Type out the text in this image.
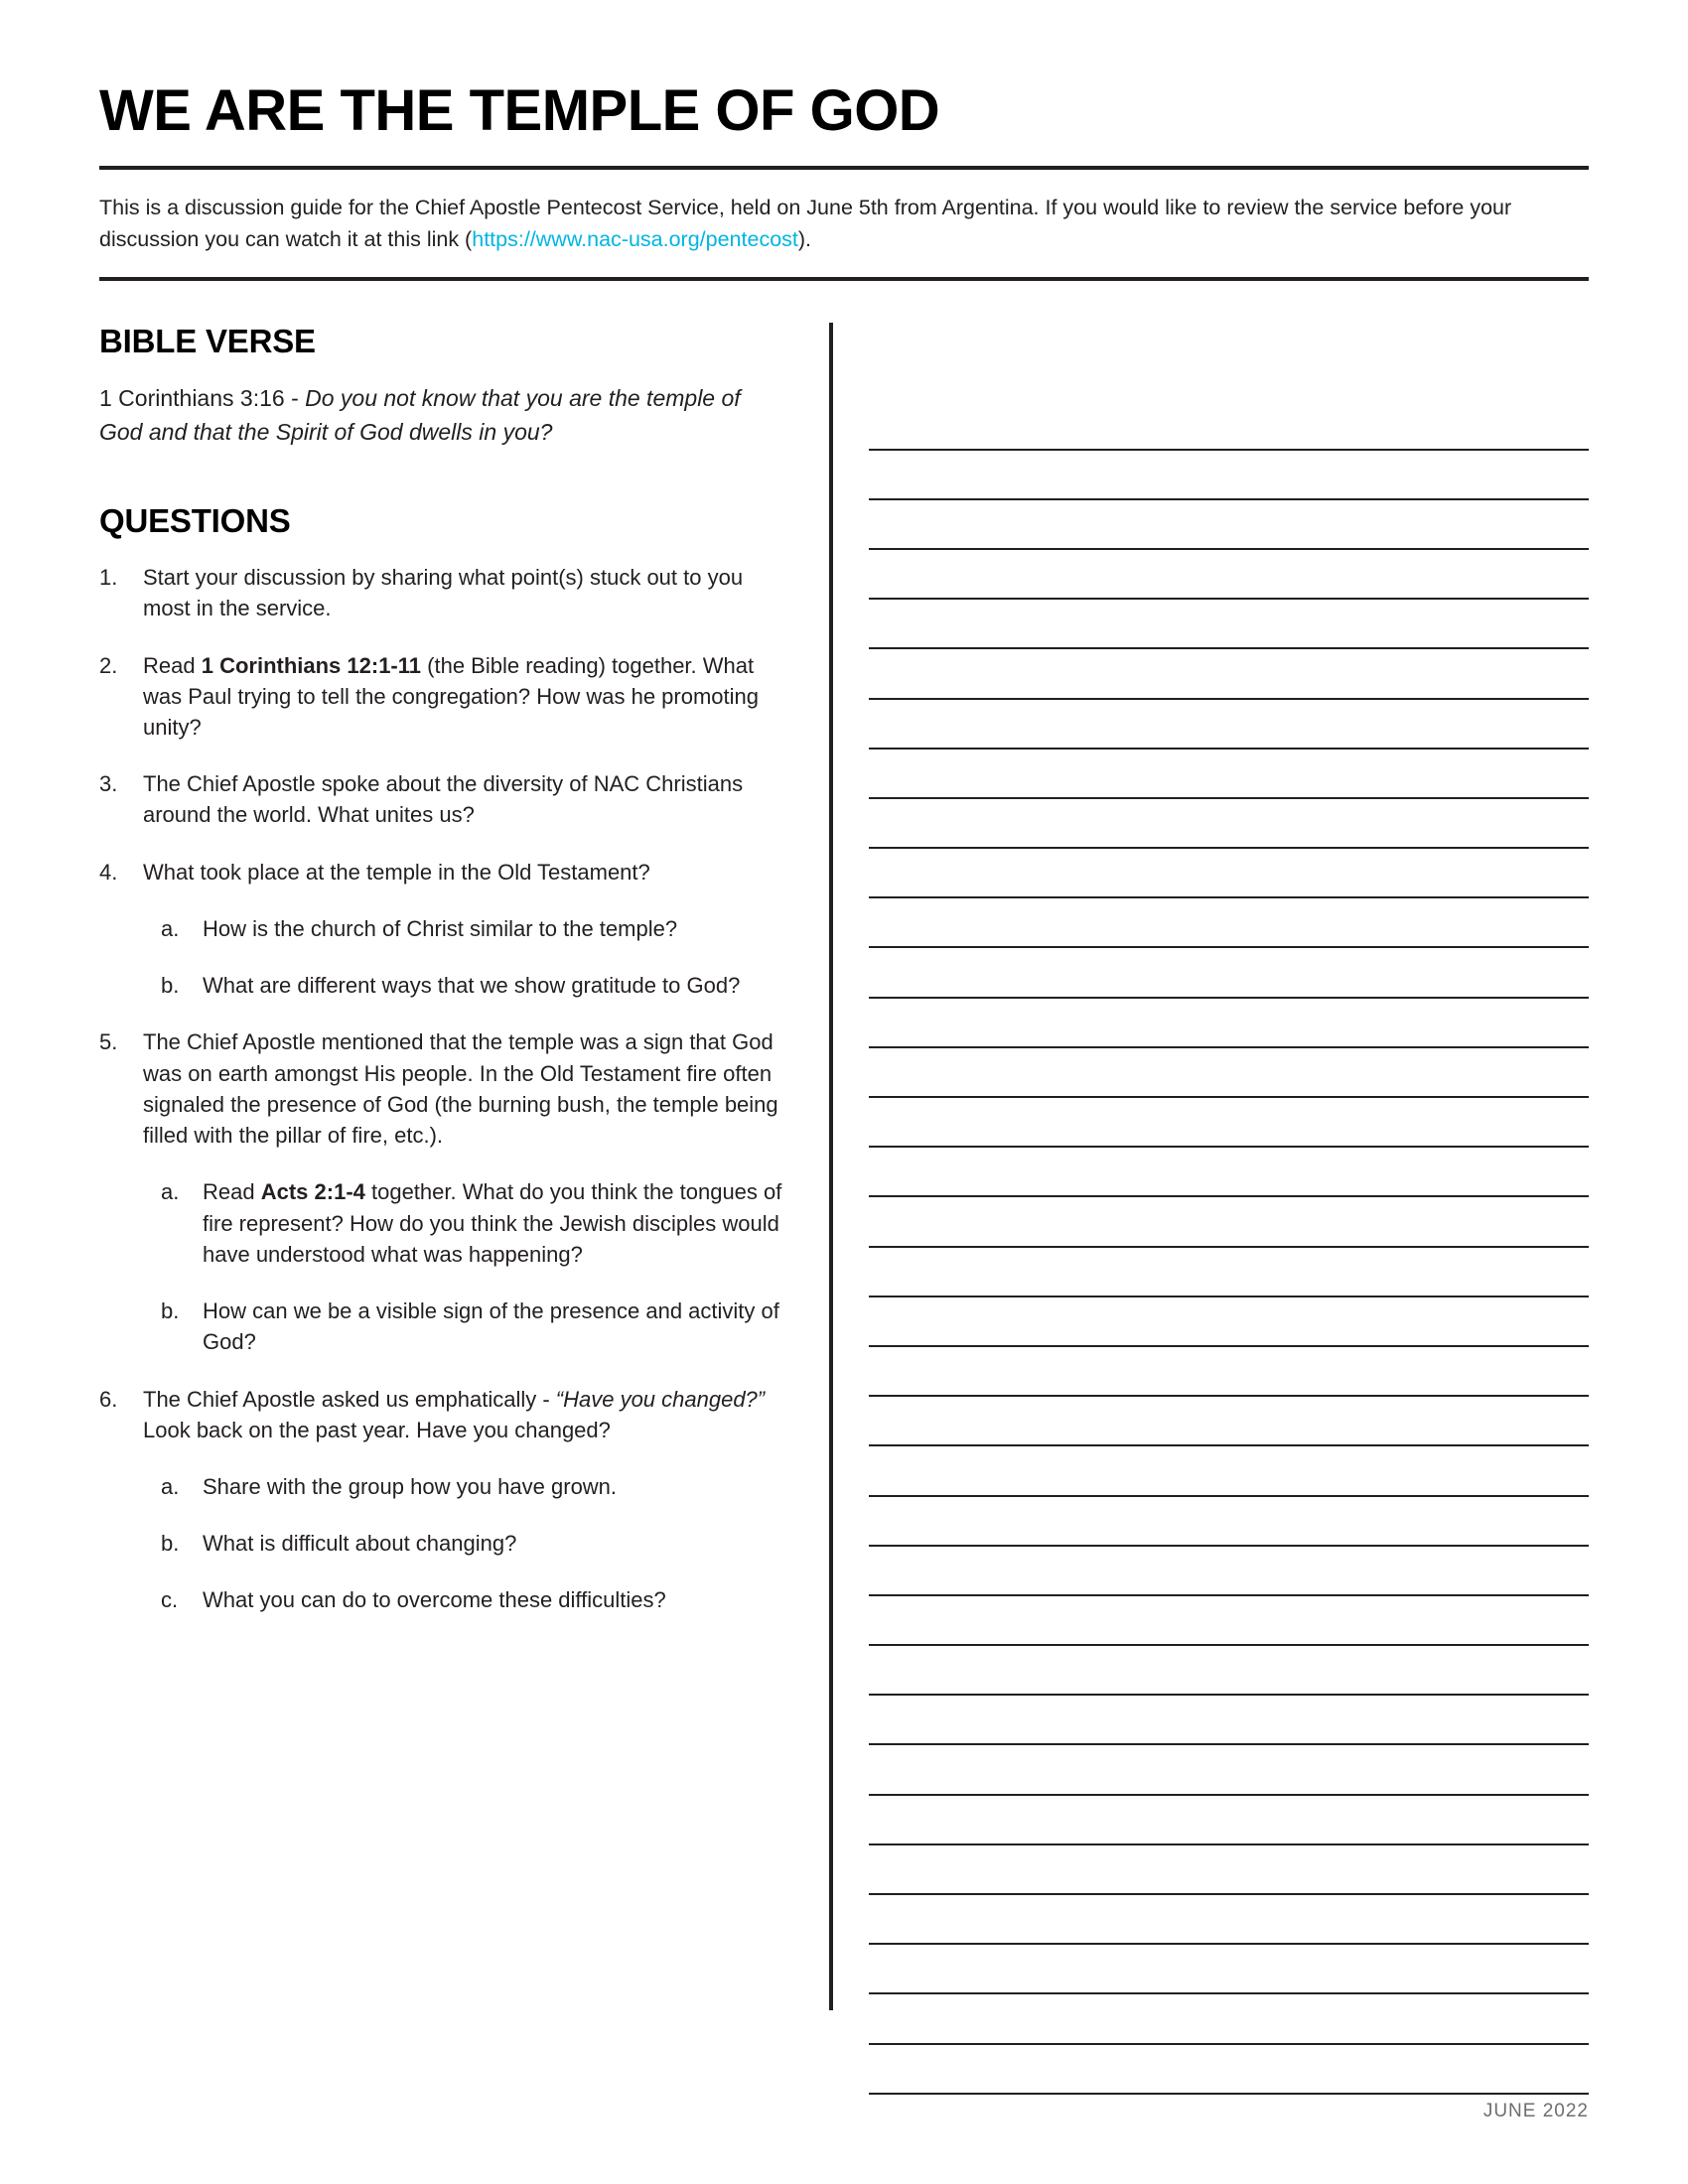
WE ARE THE TEMPLE OF GOD

This is a discussion guide for the Chief Apostle Pentecost Service, held on June 5th from Argentina. If you would like to review the service before your discussion you can watch it at this link (https://www.nac-usa.org/pentecost).

BIBLE VERSE

1 Corinthians 3:16 - Do you not know that you are the temple of God and that the Spirit of God dwells in you?

QUESTIONS
1.	Start your discussion by sharing what point(s) stuck out to you most in the service.
2.	Read 1 Corinthians 12:1-11 (the Bible reading) together. What was Paul trying to tell the congregation? How was he promoting unity?
3.	The Chief Apostle spoke about the diversity of NAC Christians around the world. What unites us?
4.	What took place at the temple in the Old Testament?
a.	How is the church of Christ similar to the temple?
b.	What are different ways that we show gratitude to God?
5.	The Chief Apostle mentioned that the temple was a sign that God was on earth amongst His people. In the Old Testament fire often signaled the presence of God (the burning bush, the temple being filled with the pillar of fire, etc.).
a.	Read Acts 2:1-4 together. What do you think the tongues of fire represent? How do you think the Jewish disciples would have understood what was happening?
b.	How can we be a visible sign of the presence and activity of God?
6.	The Chief Apostle asked us emphatically - “Have you changed?” Look back on the past year. Have you changed?
a.	Share with the group how you have grown.
b.	What is difficult about changing?
c.	What you can do to overcome these difficulties?
JUNE 2022
